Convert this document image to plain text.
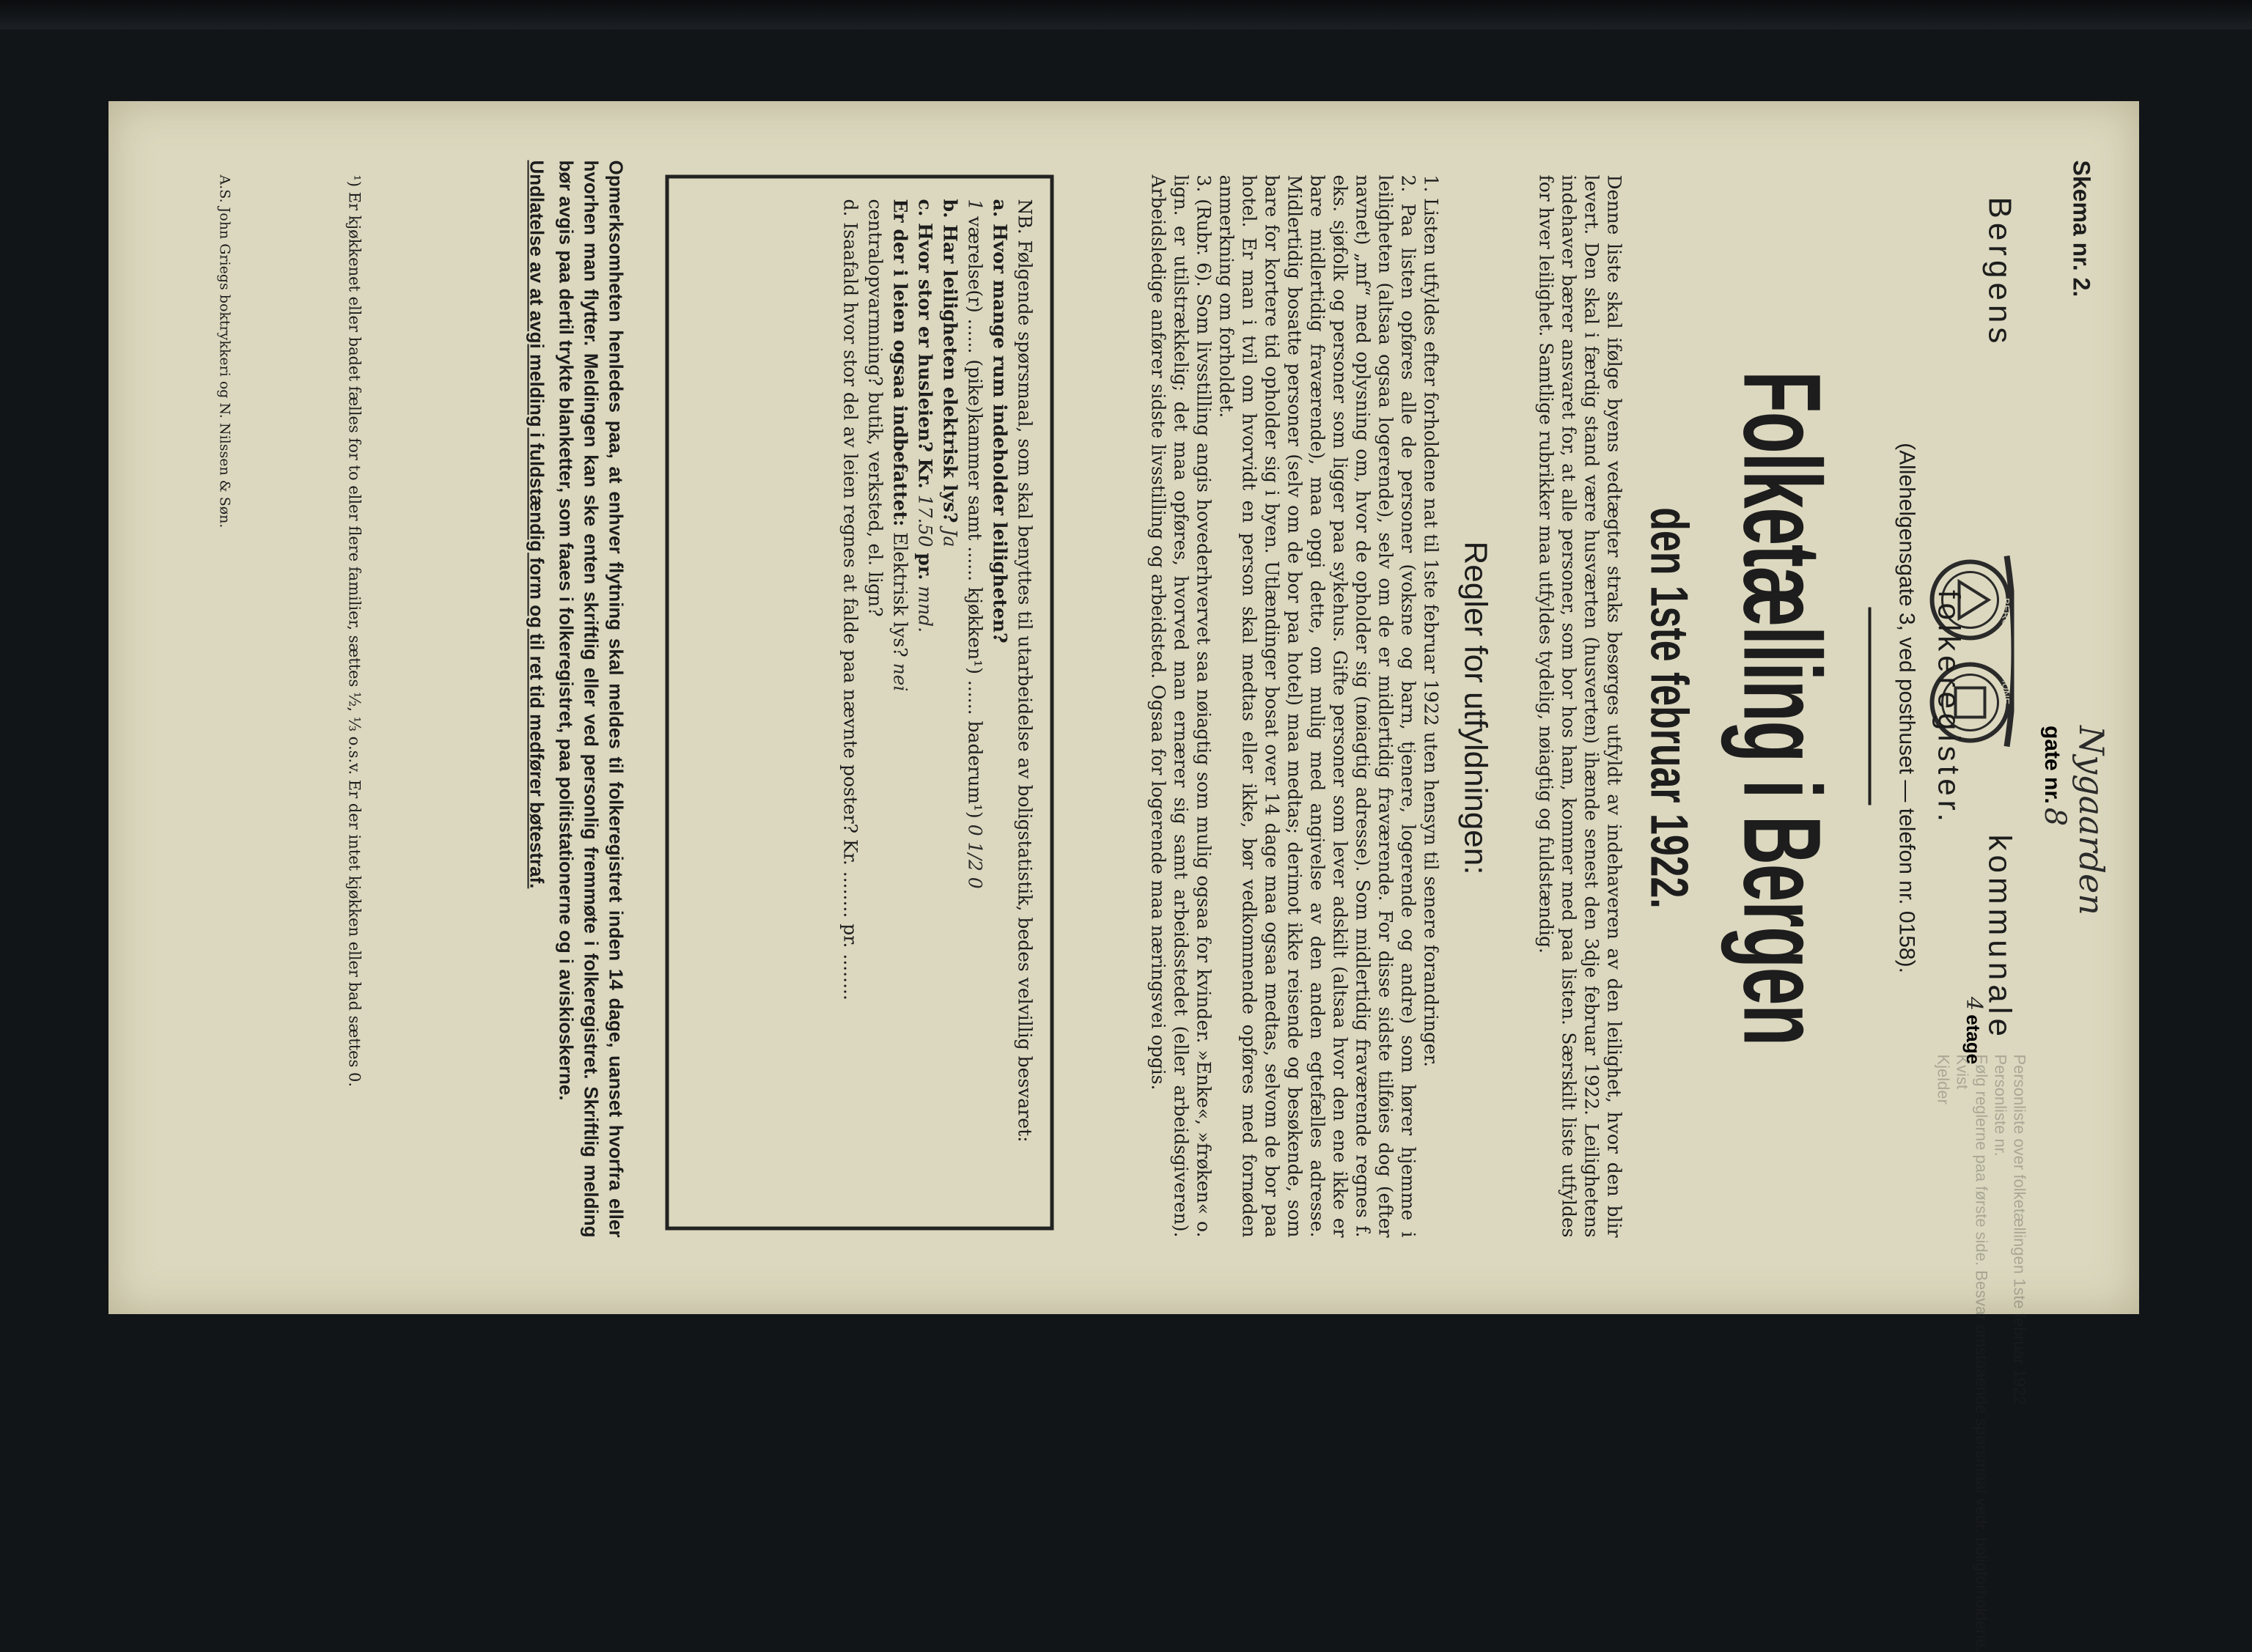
Skema nr. 2.
Bergens
BERGENS KOMMUNE
kommunale
folkeregister.
(Allehelgensgate 3, ved posthuset — telefon nr. 0158).
Folketælling i Bergen
den 1ste februar 1922.
Denne liste skal ifølge byens vedtægter straks besørges utfyldt av indehaveren av den leilighet, hvor den blir levert. Den skal i færdig stand være husværten (husverten) ihænde senest den 3dje februar 1922. Leilighetens indehaver bærer ansvaret for, at alle personer, som bor hos ham, kommer med paa listen. Særskilt liste utfyldes for hver leilighet. Samtlige rubrikker maa utfyldes tydelig, nøiagtig og fuldstændig.
Regler for utfyldningen:

1. Listen utfyldes efter forholdene nat til 1ste februar 1922 uten hensyn til senere forandringer.

2. Paa listen opføres alle de personer (voksne og barn, tjenere, logerende og andre) som hører hjemme i leiligheten (altsaa ogsaa logerende), selv om de er midlertidig fraværende. For disse sidste tilføies dog (efter navnet) „mf“ med oplysning om, hvor de opholder sig (nøiagtig adresse). Som midlertidig fraværende regnes f. eks. sjøfolk og personer som ligger paa sykehus. Gifte personer som lever adskilt (altsaa hvor den ene ikke er bare midlertidig fraværende), maa opgi dette, om mulig med angivelse av den anden egtefælles adresse. Midlertidig bosatte personer (selv om de bor paa hotel) maa medtas; derimot ikke reisende og besøkende, som bare for kortere tid opholder sig i byen. Utlændinger bosat over 14 dage maa ogsaa medtas, selvom de bor paa hotel. Er man i tvil om hvorvidt en person skal medtas eller ikke, bør vedkommende opføres med fornøden anmerkning om forholdet.

3. (Rubr. 6). Som livsstilling angis hovederhvervet saa nøiagtig som mulig ogsaa for kvinder. »Enke«, »frøken« o. lign. er utilstrækkelig; det maa opføres, hvorved man ernærer sig samt arbeidsstedet (eller arbeidsgiveren). Arbeidsledige anfører sidste livsstilling og arbeidsted. Ogsaa for logerende maa næringsvei opgis.

NB. Følgende spørsmaal, som skal benyttes til utarbeidelse av boligstatistik, bedes velvillig besvaret:

a. Hvor mange rum indeholder leiligheten?

1 værelse(r) ...... (pike)kammer samt ...... kjøkken¹) ...... baderum¹) 0 1/2 0

b. Har leiligheten elektrisk lys? Ja

c. Hvor stor er husleien? Kr. 17.50 pr. mnd.

Er der i leien ogsaa indbefattet: Elektrisk lys? nei

centralopvarmning? butik, verksted, el. lign?

d. Isaafald hvor stor del av leien regnes at falde paa nævnte poster? Kr. ........ pr. ........

Opmerksomheten henledes paa, at enhver flytning skal meldes til folkeregistret inden 14 dage, uanset hvorfra eller hvorhen man flytter. Meldingen kan ske enten skriftlig eller ved personlig fremmøte i folkeregistret. Skriftlig melding bør avgis paa dertil trykte blanketter, som faaes i folkeregistret, paa politistationerne og i aviskioskerne.

Undlatelse av at avgi melding i fuldstændig form og til ret tid medfører bøtestraf.

¹) Er kjøkkenet eller badet fælles for to eller flere familier, sættes ½, ⅓ o.s.v. Er der intet kjøkken eller bad sættes 0.
A.S. John Griegs boktrykkeri og N. Nilssen & Søn.
Personliste over folketællingen 1ste februar 1922
Personliste nr.
Følg reglerne paa første side. Besvar omstaaende spørsmaal vedr. boligforholdene.
Kvist
Kjelder
Nygaarden gate nr. 8
4 etage
